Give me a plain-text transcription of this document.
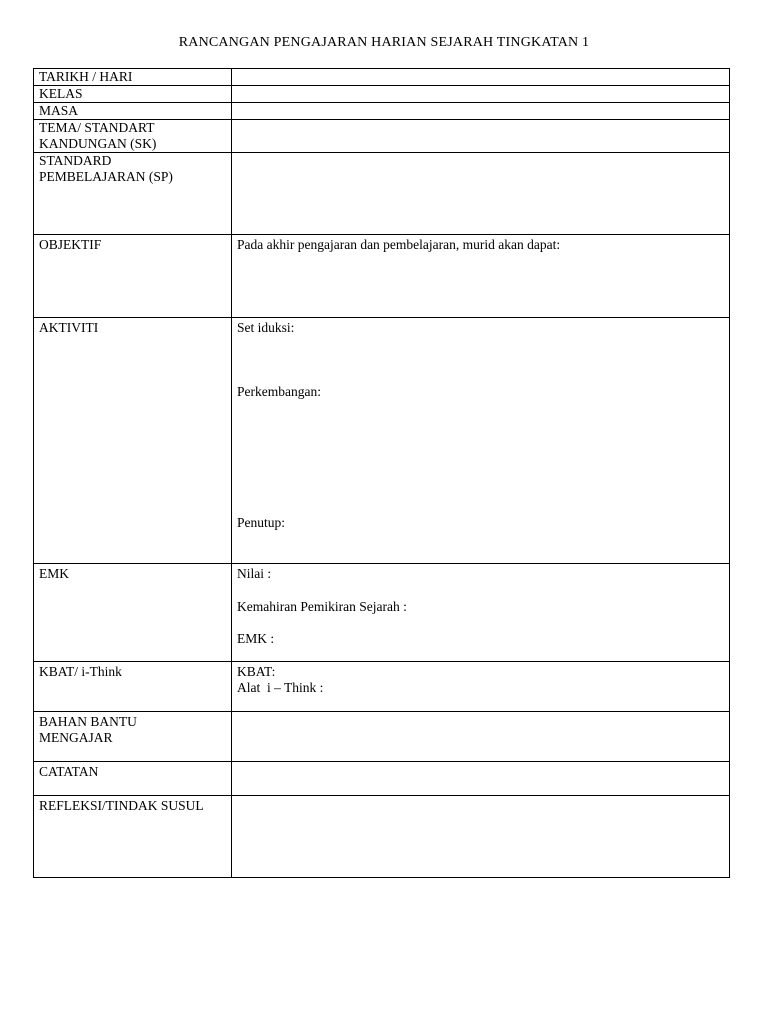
RANCANGAN PENGAJARAN HARIAN SEJARAH TINGKATAN 1
TARIKH / HARI	

KELAS	

MASA	

TEMA/ STANDART
KANDUNGAN (SK)	

STANDARD
PEMBELAJARAN (SP)	

OBJEKTIF	Pada akhir pengajaran dan pembelajaran, murid akan dapat:

AKTIVITI	Set iduksi:
Perkembangan:
Penutup:

EMK	Nilai :
Kemahiran Pemikiran Sejarah :
EMK :

KBAT/ i-Think	KBAT:
Alat  i – Think :

BAHAN BANTU
MENGAJAR	

CATATAN	

REFLEKSI/TINDAK SUSUL	
